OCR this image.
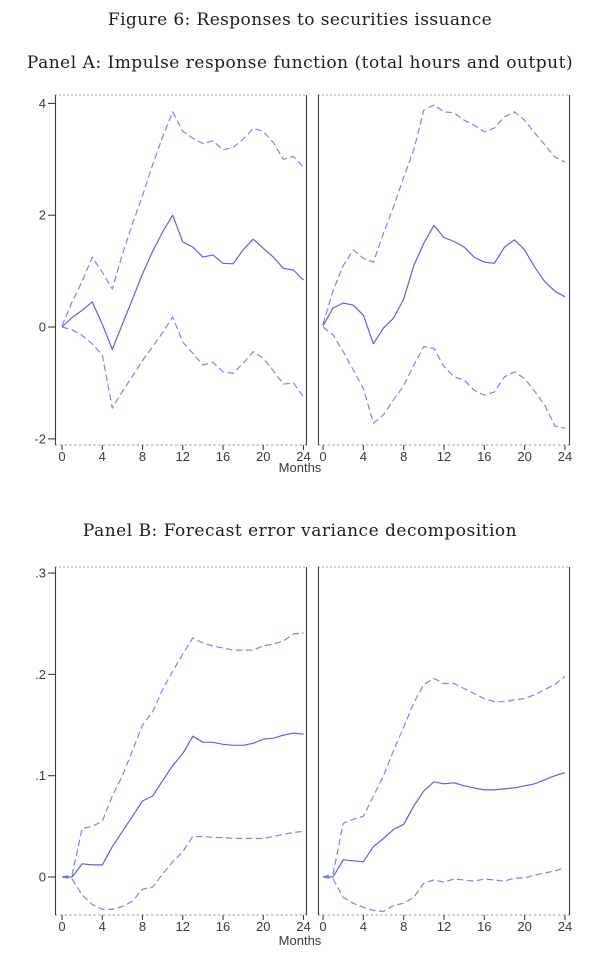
Figure 6: Responses to securities issuance
Panel A: Impulse response function (total hours and output)
Panel B: Forecast error variance decomposition
Months
Months
4
2
0
-2
0	4	8 12 16 20 24 0	4	8 12 16 20 24
.3
.2
.1
0
0	4	8 12 16 20 24 0	4	8 12 16 20 24
